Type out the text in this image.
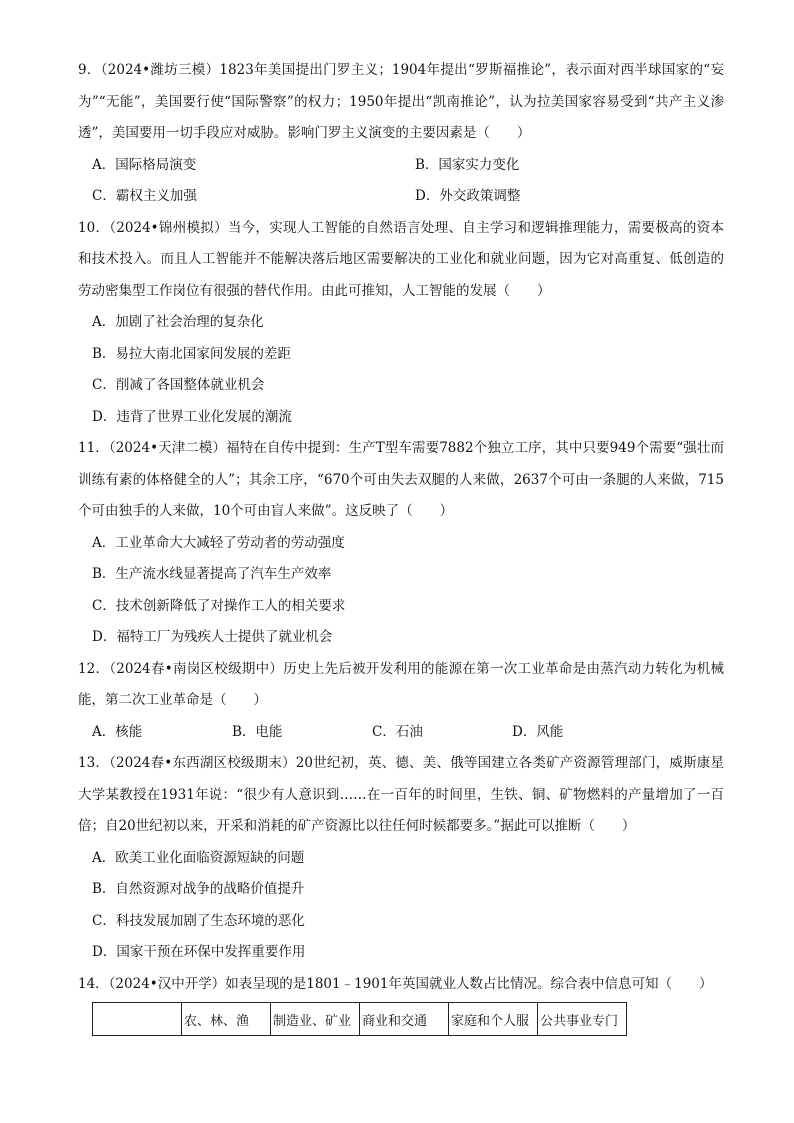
9．（2024•潍坊三模）1823年美国提出门罗主义；1904年提出“罗斯福推论”，表示面对西半球国家的“妄为”“无能”，美国要行使“国际警察”的权力；1950年提出“凯南推论”，认为拉美国家容易受到“共产主义渗透”，美国要用一切手段应对威胁。影响门罗主义演变的主要因素是（　　）

A．国际格局演变	B．国家实力变化
C．霸权主义加强	D．外交政策调整

10．（2024•锦州模拟）当今，实现人工智能的自然语言处理、自主学习和逻辑推理能力，需要极高的资本和技术投入。而且人工智能并不能解决落后地区需要解决的工业化和就业问题，因为它对高重复、低创造的劳动密集型工作岗位有很强的替代作用。由此可推知，人工智能的发展（　　）

A．加剧了社会治理的复杂化
B．易拉大南北国家间发展的差距
C．削减了各国整体就业机会
D．违背了世界工业化发展的潮流

11．（2024•天津二模）福特在自传中提到：生产T型车需要7882个独立工序，其中只要949个需要“强壮而训练有素的体格健全的人”；其余工序，“670个可由失去双腿的人来做，2637个可由一条腿的人来做，715个可由独手的人来做，10个可由盲人来做”。这反映了（　　）

A．工业革命大大减轻了劳动者的劳动强度
B．生产流水线显著提高了汽车生产效率
C．技术创新降低了对操作工人的相关要求
D．福特工厂为残疾人士提供了就业机会

12．（2024春•南岗区校级期中）历史上先后被开发利用的能源在第一次工业革命是由蒸汽动力转化为机械能，第二次工业革命是（　　）

A．核能	B．电能	C．石油	D．风能

13．（2024春•东西湖区校级期末）20世纪初，英、德、美、俄等国建立各类矿产资源管理部门，威斯康星大学某教授在1931年说：“很少有人意识到……在一百年的时间里，生铁、铜、矿物燃料的产量增加了一百倍；自20世纪初以来，开采和消耗的矿产资源比以往任何时候都要多。”据此可以推断（　　）

A．欧美工业化面临资源短缺的问题
B．自然资源对战争的战略价值提升
C．科技发展加剧了生态环境的恶化
D．国家干预在环保中发挥重要作用

14．（2024•汉中开学）如表呈现的是1801﹣1901年英国就业人数占比情况。综合表中信息可知（　　）

	农、林、渔	制造业、矿业	商业和交通	家庭和个人服	公共事业专门
